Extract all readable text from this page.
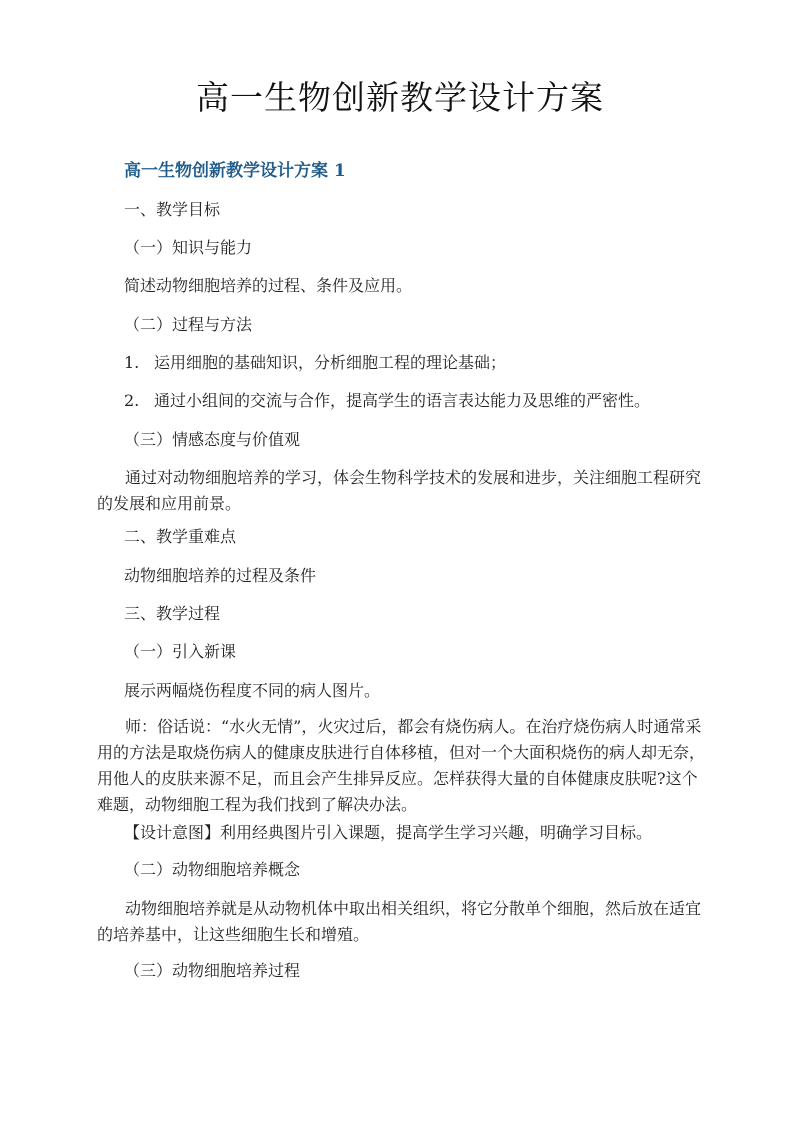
高一生物创新教学设计方案

高一生物创新教学设计方案 1

一、教学目标

（一）知识与能力

简述动物细胞培养的过程、条件及应用。

（二）过程与方法

1. 运用细胞的基础知识，分析细胞工程的理论基础；

2. 通过小组间的交流与合作，提高学生的语言表达能力及思维的严密性。

（三）情感态度与价值观

通过对动物细胞培养的学习，体会生物科学技术的发展和进步，关注细胞工程研究的发展和应用前景。

二、教学重难点

动物细胞培养的过程及条件

三、教学过程

（一）引入新课

展示两幅烧伤程度不同的病人图片。

师：俗话说：“水火无情”，火灾过后，都会有烧伤病人。在治疗烧伤病人时通常采用的方法是取烧伤病人的健康皮肤进行自体移植，但对一个大面积烧伤的病人却无奈，用他人的皮肤来源不足，而且会产生排异反应。怎样获得大量的自体健康皮肤呢?这个难题，动物细胞工程为我们找到了解决办法。

【设计意图】利用经典图片引入课题，提高学生学习兴趣，明确学习目标。

（二）动物细胞培养概念

动物细胞培养就是从动物机体中取出相关组织，将它分散单个细胞，然后放在适宜的培养基中，让这些细胞生长和增殖。

（三）动物细胞培养过程
